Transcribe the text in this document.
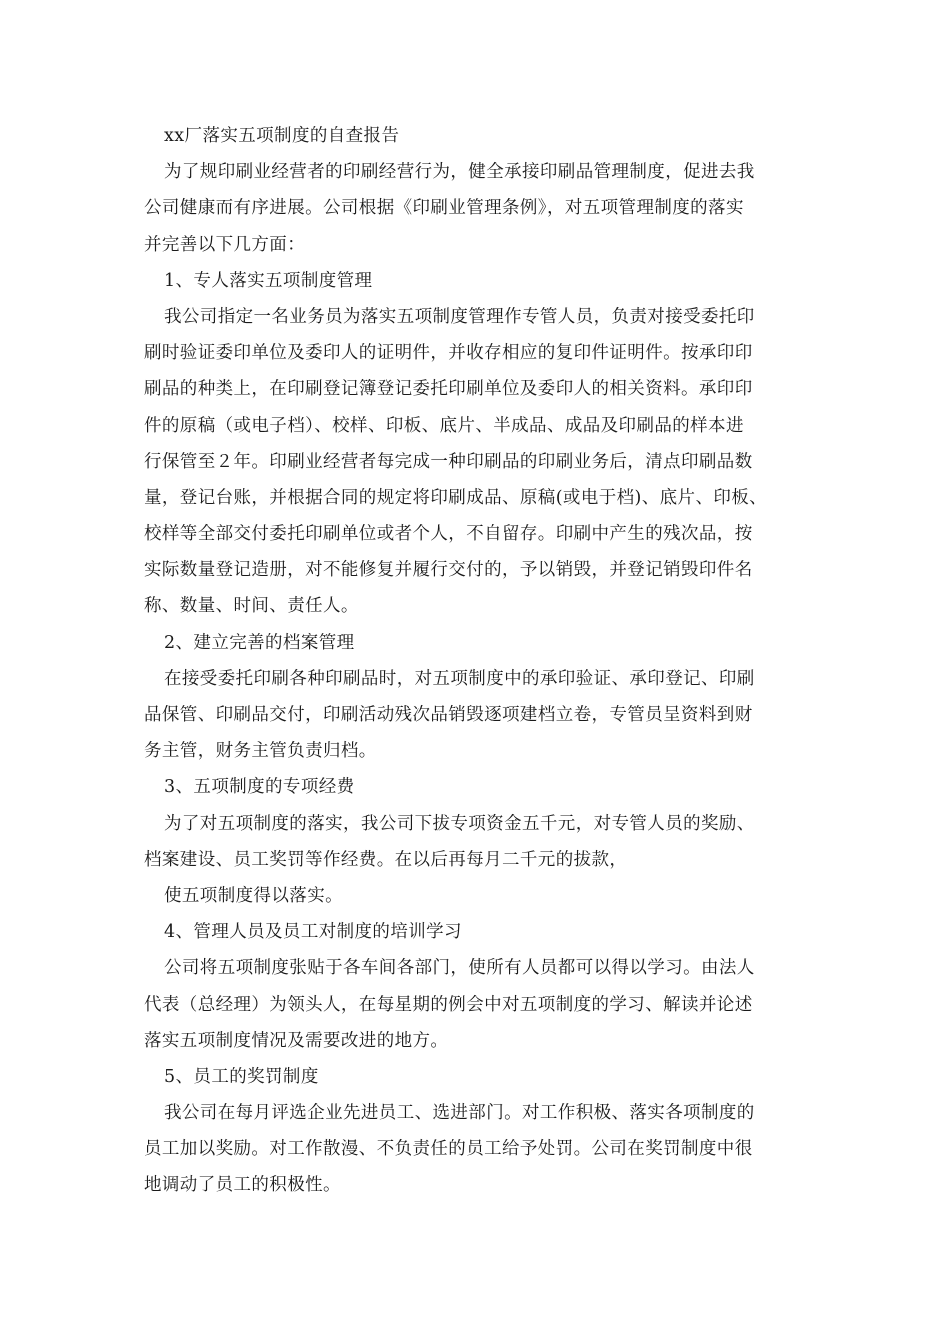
xx厂落实五项制度的自查报告
为了规印刷业经营者的印刷经营行为，健全承接印刷品管理制度，促进去我
公司健康而有序进展。公司根据《印刷业管理条例》，对五项管理制度的落实
并完善以下几方面：
1、专人落实五项制度管理
我公司指定一名业务员为落实五项制度管理作专管人员，负责对接受委托印
刷时验证委印单位及委印人的证明件，并收存相应的复印件证明件。按承印印
刷品的种类上，在印刷登记簿登记委托印刷单位及委印人的相关资料。承印印
件的原稿（或电子档）、校样、印板、底片、半成品、成品及印刷品的样本进
行保管至２年。印刷业经营者每完成一种印刷品的印刷业务后，清点印刷品数
量，登记台账，并根据合同的规定将印刷成品、原稿(或电于档)、底片、印板、
校样等全部交付委托印刷单位或者个人，不自留存。印刷中产生的残次品，按
实际数量登记造册，对不能修复并履行交付的，予以销毁，并登记销毁印件名
称、数量、时间、责任人。
2、建立完善的档案管理
在接受委托印刷各种印刷品时，对五项制度中的承印验证、承印登记、印刷
品保管、印刷品交付，印刷活动残次品销毁逐项建档立卷，专管员呈资料到财
务主管，财务主管负责归档。
3、五项制度的专项经费
为了对五项制度的落实，我公司下拔专项资金五千元，对专管人员的奖励、
档案建设、员工奖罚等作经费。在以后再每月二千元的拔款，
使五项制度得以落实。
4、管理人员及员工对制度的培训学习
公司将五项制度张贴于各车间各部门，使所有人员都可以得以学习。由法人
代表（总经理）为领头人，在每星期的例会中对五项制度的学习、解读并论述
落实五项制度情况及需要改进的地方。
5、员工的奖罚制度
我公司在每月评选企业先进员工、选进部门。对工作积极、落实各项制度的
员工加以奖励。对工作散漫、不负责任的员工给予处罚。公司在奖罚制度中很
地调动了员工的积极性。
